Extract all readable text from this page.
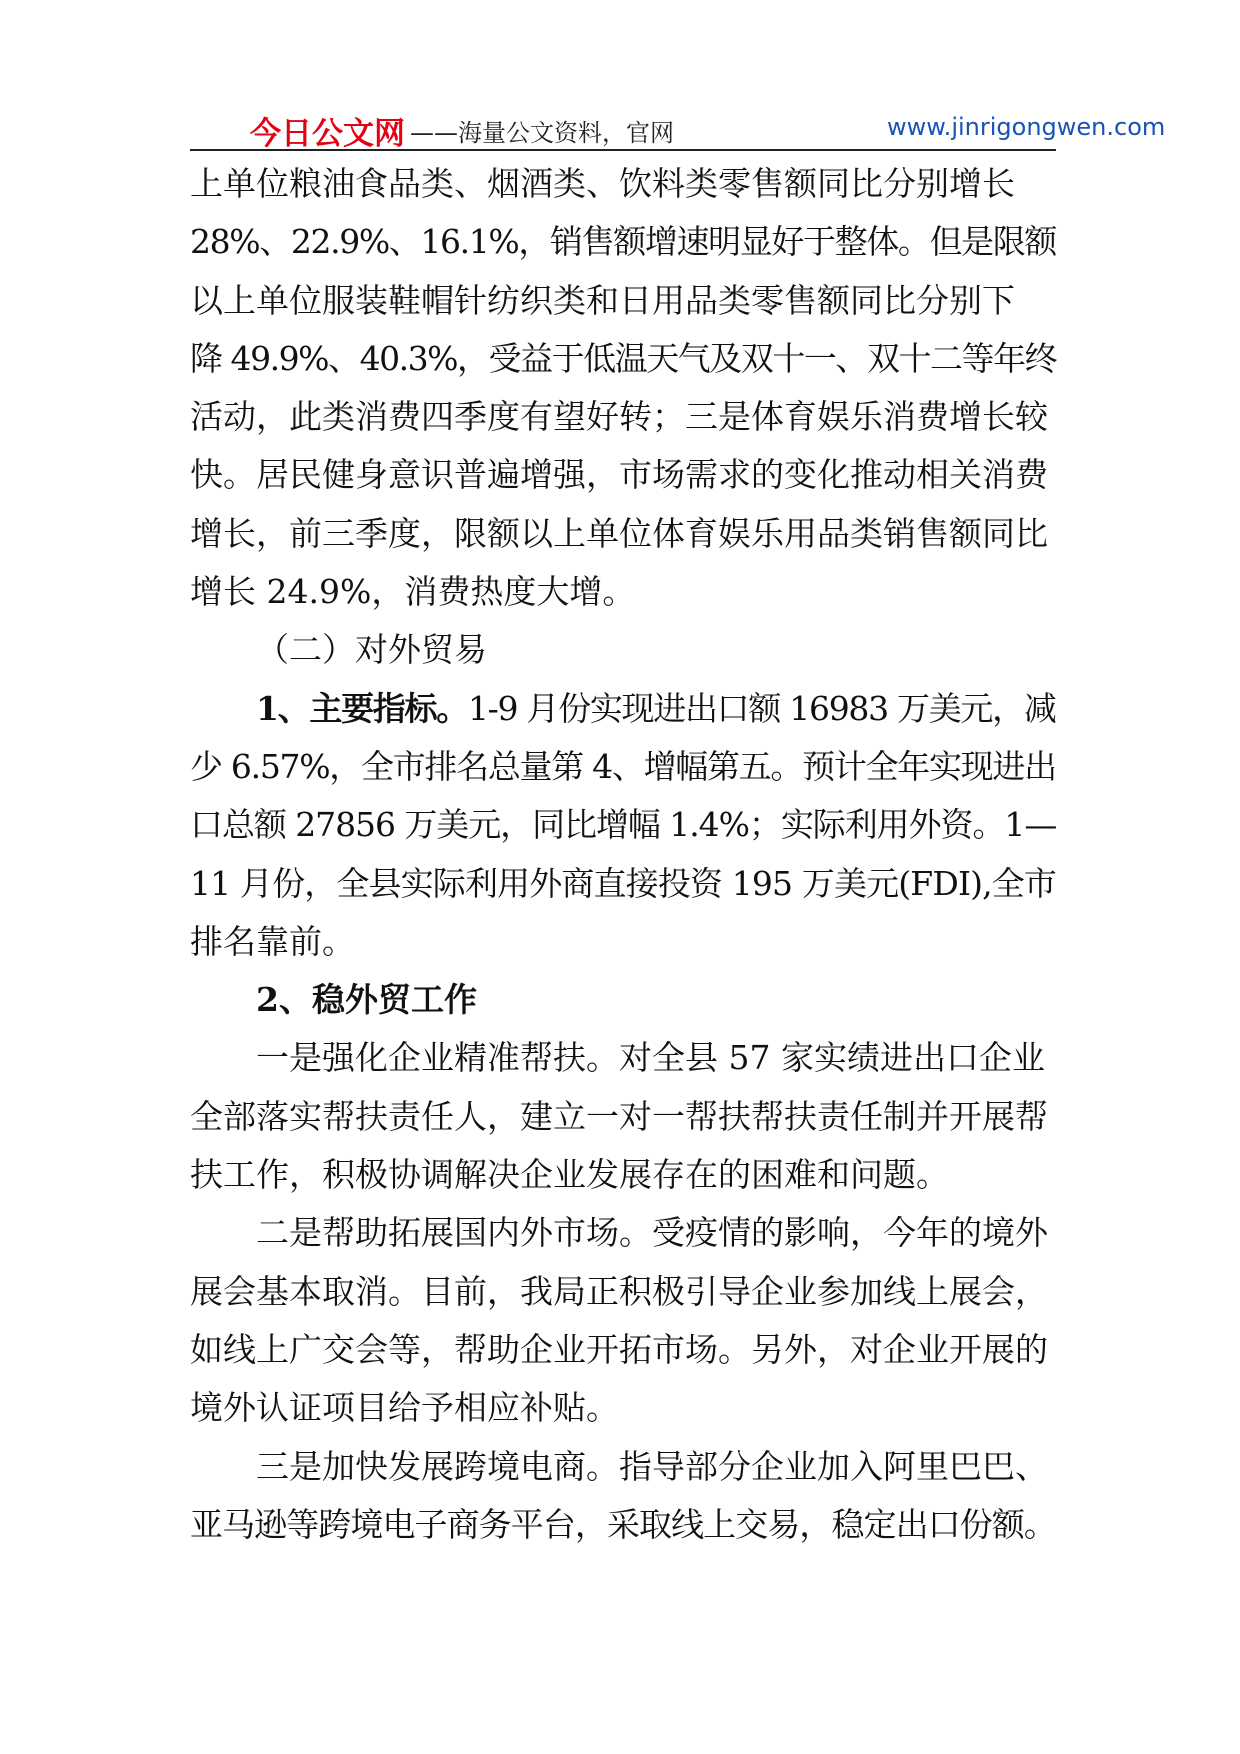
今日公文网 ——海量公文资料，官网	www.jinrigongwen.com
上单位粮油食品类、烟酒类、饮料类零售额同比分别增长
28%、22.9%、16.1%，销售额增速明显好于整体。但是限额
以上单位服装鞋帽针纺织类和日用品类零售额同比分别下
降 49.9%、40.3%，受益于低温天气及双十一、双十二等年终
活动，此类消费四季度有望好转；三是体育娱乐消费增长较
快。居民健身意识普遍增强，市场需求的变化推动相关消费
增长，前三季度，限额以上单位体育娱乐用品类销售额同比
增长 24.9%，消费热度大增。
（二）对外贸易
1、主要指标。1-9 月份实现进出口额 16983 万美元，减
少 6.57%，全市排名总量第 4、增幅第五。预计全年实现进出
口总额 27856 万美元，同比增幅 1.4%；实际利用外资。1—
11 月份，全县实际利用外商直接投资 195 万美元(FDI),全市
排名靠前。
2、稳外贸工作
一是强化企业精准帮扶。对全县 57 家实绩进出口企业
全部落实帮扶责任人，建立一对一帮扶帮扶责任制并开展帮
扶工作，积极协调解决企业发展存在的困难和问题。
二是帮助拓展国内外市场。受疫情的影响，今年的境外
展会基本取消。目前，我局正积极引导企业参加线上展会，
如线上广交会等，帮助企业开拓市场。另外，对企业开展的
境外认证项目给予相应补贴。
三是加快发展跨境电商。指导部分企业加入阿里巴巴、
亚马逊等跨境电子商务平台，采取线上交易，稳定出口份额。
